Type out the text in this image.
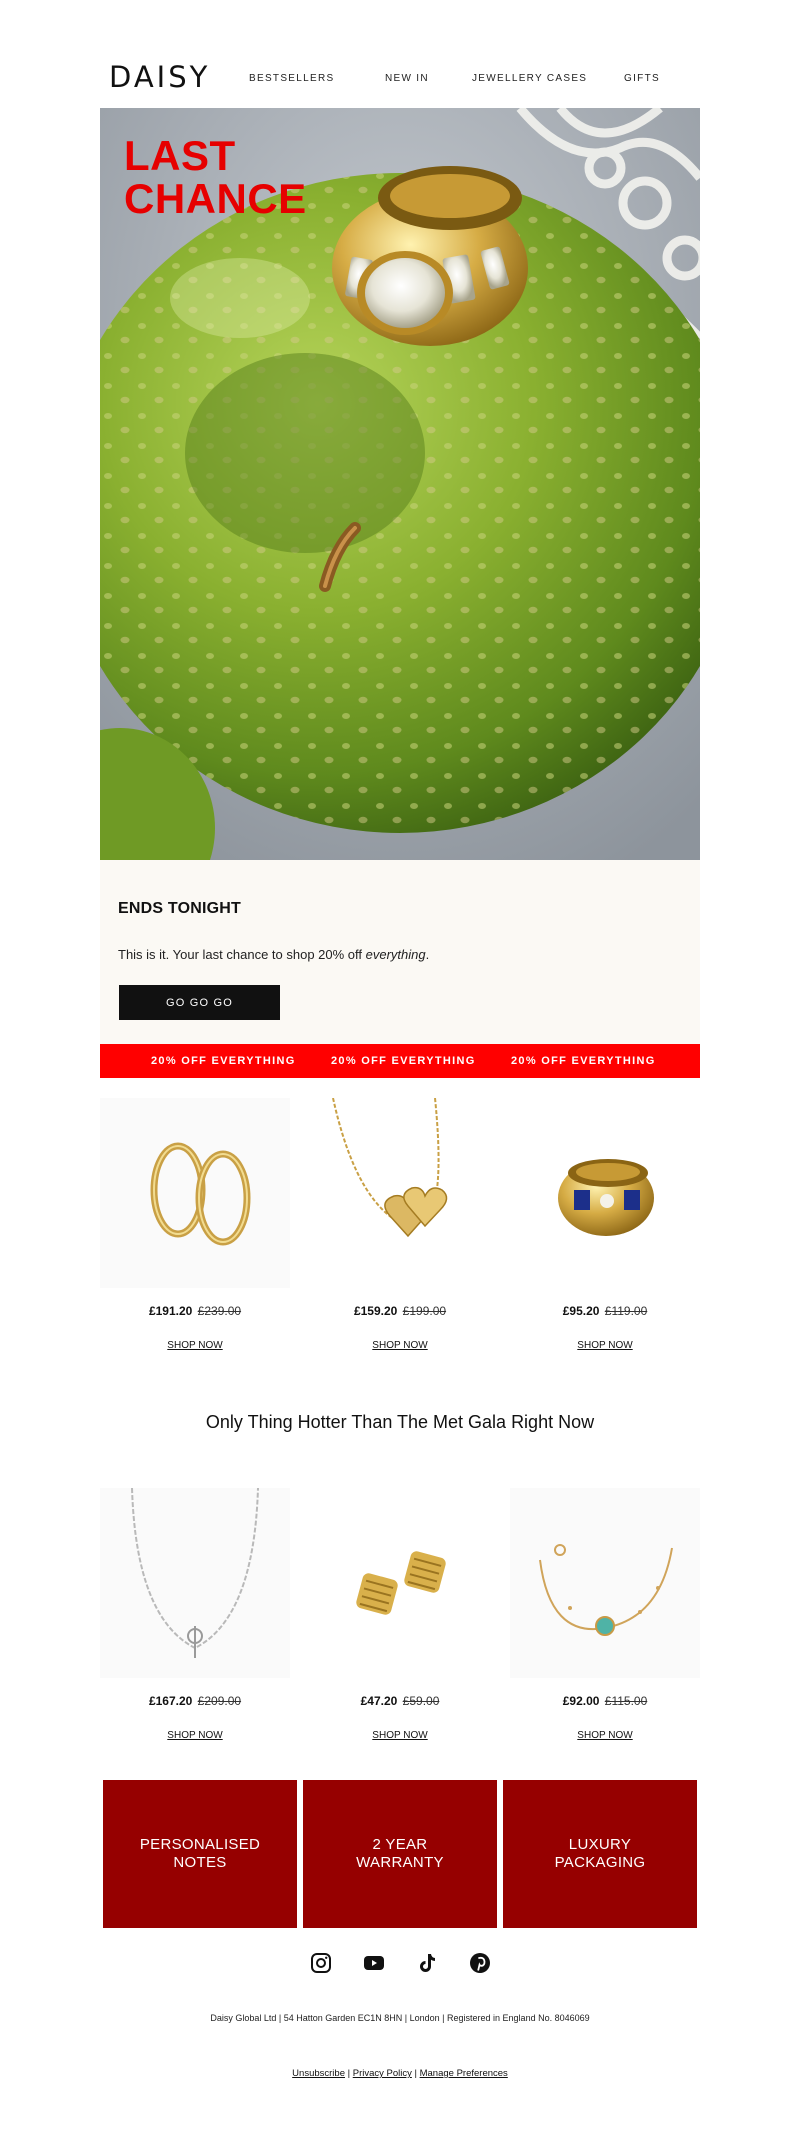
DAISY	BESTSELLERS	NEW IN	JEWELLERY CASES	GIFTS
LAST
CHANCE
ENDS TONIGHT

This is it. Your last chance to shop 20% off everything.

GO GO GO
20% OFF EVERYTHING	20% OFF EVERYTHING	20% OFF EVERYTHING
£191.20 £239.00
SHOP NOW
£159.20 £199.00
SHOP NOW
£95.20 £119.00
SHOP NOW
Only Thing Hotter Than The Met Gala Right Now
£167.20 £209.00
SHOP NOW
£47.20 £59.00
SHOP NOW
£92.00 £115.00
SHOP NOW
PERSONALISED NOTES
2 YEAR WARRANTY
LUXURY PACKAGING
Daisy Global Ltd | 54 Hatton Garden EC1N 8HN | London | Registered in England No. 8046069
Unsubscribe | Privacy Policy | Manage Preferences
